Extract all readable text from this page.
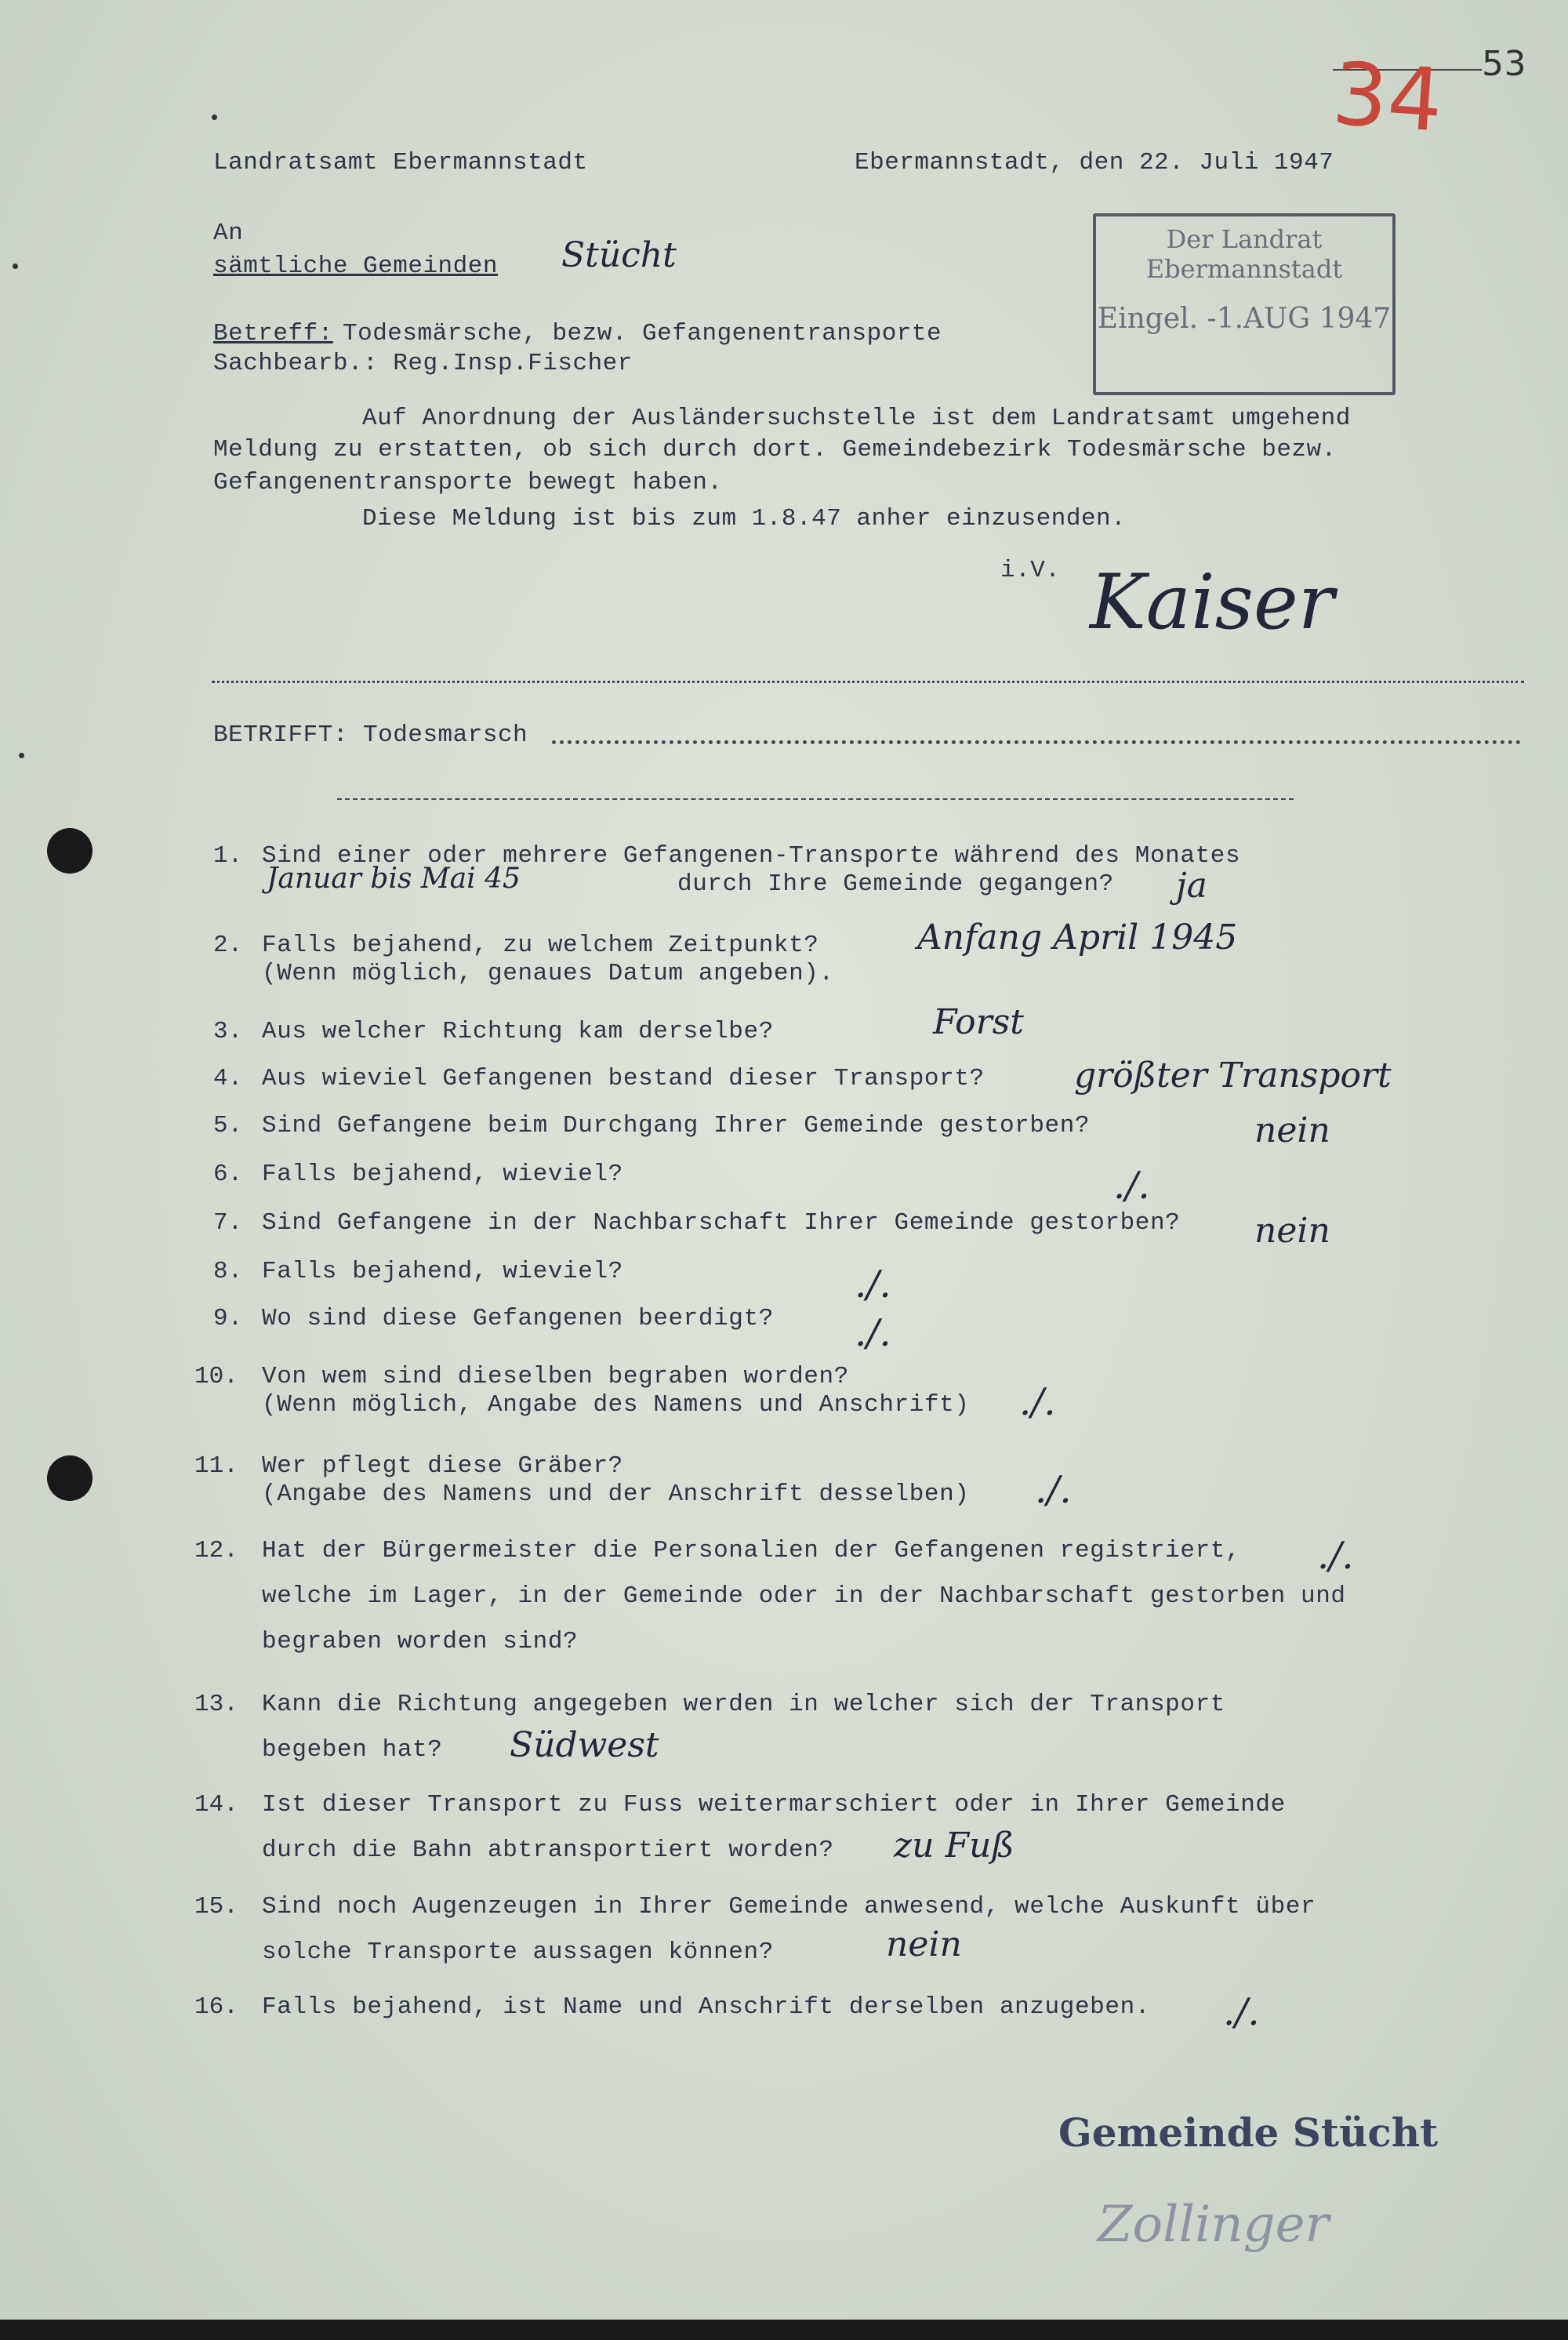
53
34
Landratsamt Ebermannstadt	Ebermannstadt, den 22. Juli 1947
Der Landrat
Ebermannstadt
Eingel. -1.AUG 1947
An
sämtliche Gemeinden Stücht
Betreff: Todesmärsche, bezw. Gefangenentransporte
Sachbearb.: Reg.Insp.Fischer
Auf Anordnung der Ausländersuchstelle ist dem Landratsamt umgehend
Meldung zu erstatten, ob sich durch dort. Gemeindebezirk Todesmärsche bezw.
Gefangenentransporte bewegt haben.
Diese Meldung ist bis zum 1.8.47 anher einzusenden.
i.V. Kaiser
BETRIFFT: Todesmarsch
1. Sind einer oder mehrere Gefangenen-Transporte während des Monates
durch Ihre Gemeinde gegangen?
Januar bis Mai 45	ja
2. Falls bejahend, zu welchem Zeitpunkt?
(Wenn möglich, genaues Datum angeben).
Anfang April 1945
3. Aus welcher Richtung kam derselbe?	Forst
4. Aus wieviel Gefangenen bestand dieser Transport?	größter Transport
5. Sind Gefangene beim Durchgang Ihrer Gemeinde gestorben?	nein
6. Falls bejahend, wieviel?	./.
7. Sind Gefangene in der Nachbarschaft Ihrer Gemeinde gestorben? nein
8. Falls bejahend, wieviel?	./.
9. Wo sind diese Gefangenen beerdigt? ./.
10. Von wem sind dieselben begraben worden?
(Wenn möglich, Angabe des Namens und Anschrift) ./.
11. Wer pflegt diese Gräber?
(Angabe des Namens und der Anschrift desselben) ./.
12. Hat der Bürgermeister die Personalien der Gefangenen registriert,
welche im Lager, in der Gemeinde oder in der Nachbarschaft gestorben und
begraben worden sind?
./.
13. Kann die Richtung angegeben werden in welcher sich der Transport
begeben hat? Südwest
14. Ist dieser Transport zu Fuss weitermarschiert oder in Ihrer Gemeinde
durch die Bahn abtransportiert worden? zu Fuß
15. Sind noch Augenzeugen in Ihrer Gemeinde anwesend, welche Auskunft über
solche Transporte aussagen können?	nein
16. Falls bejahend, ist Name und Anschrift derselben anzugeben. ./.
Gemeinde Stücht
Zollinger
